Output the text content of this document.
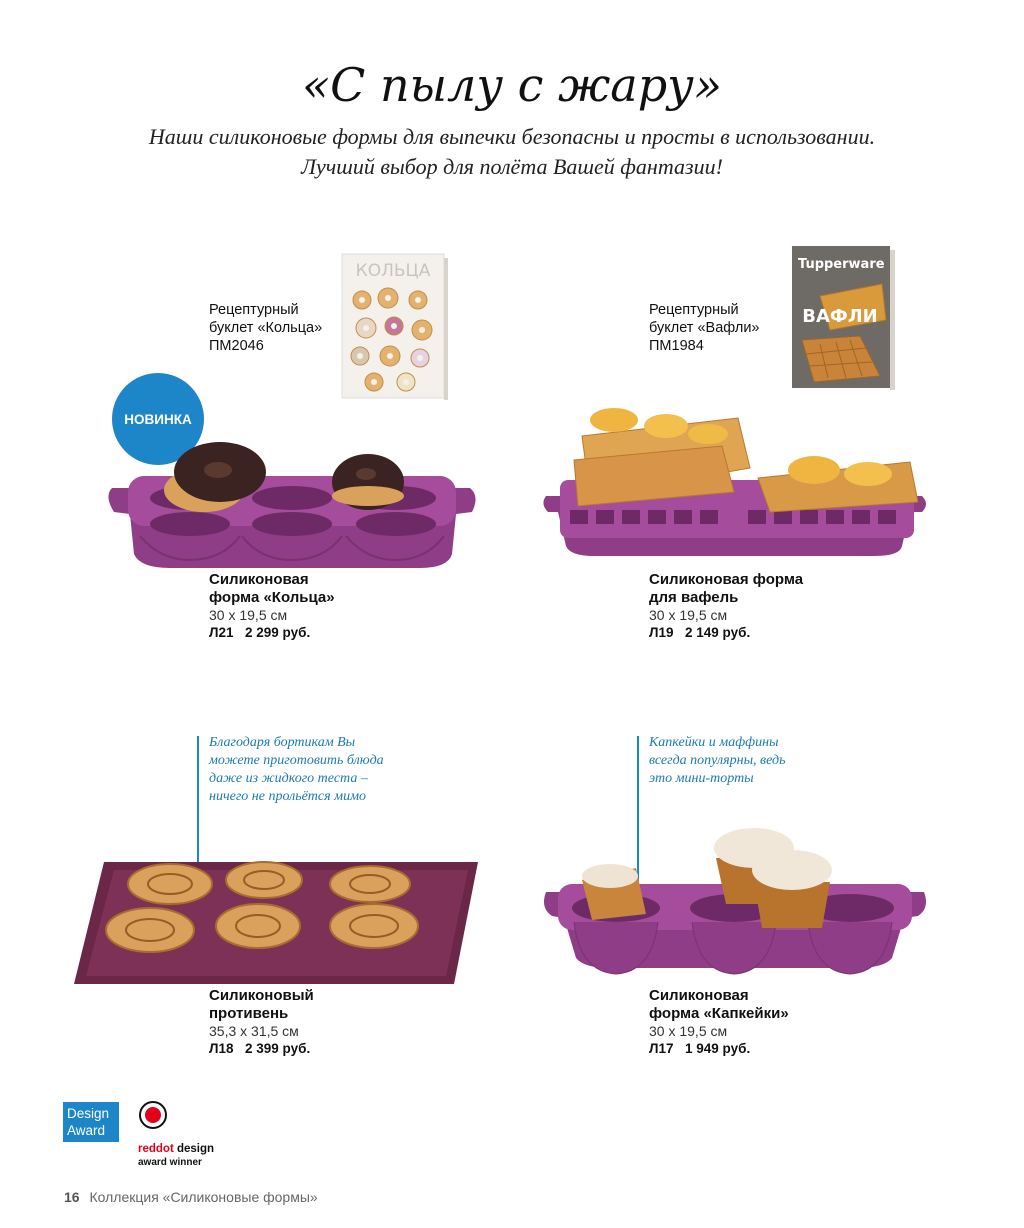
«С пылу с жару»
Наши силиконовые формы для выпечки безопасны и просты в использовании.
Лучший выбор для полёта Вашей фантазии!
Рецептурный
буклет «Кольца»
ПМ2046
КОЛЬЦА
Рецептурный
буклет «Вафли»
ПМ1984
Tupperware
ВАФЛИ
НОВИНКА
Силиконовая
форма «Кольца»
30 х 19,5 см
Л21 2 299 руб.
Силиконовая форма
для вафель
30 х 19,5 см
Л19 2 149 руб.
Благодаря бортикам Вы
можете приготовить блюда
даже из жидкого теста –
ничего не прольётся мимо
Капкейки и маффины
всегда популярны, ведь
это мини-торты
Силиконовый
противень
35,3 х 31,5 см
Л18 2 399 руб.
Силиконовая
форма «Капкейки»
30 х 19,5 см
Л17 1 949 руб.
Design
Award
reddot design
award winner
16 Коллекция «Силиконовые формы»
